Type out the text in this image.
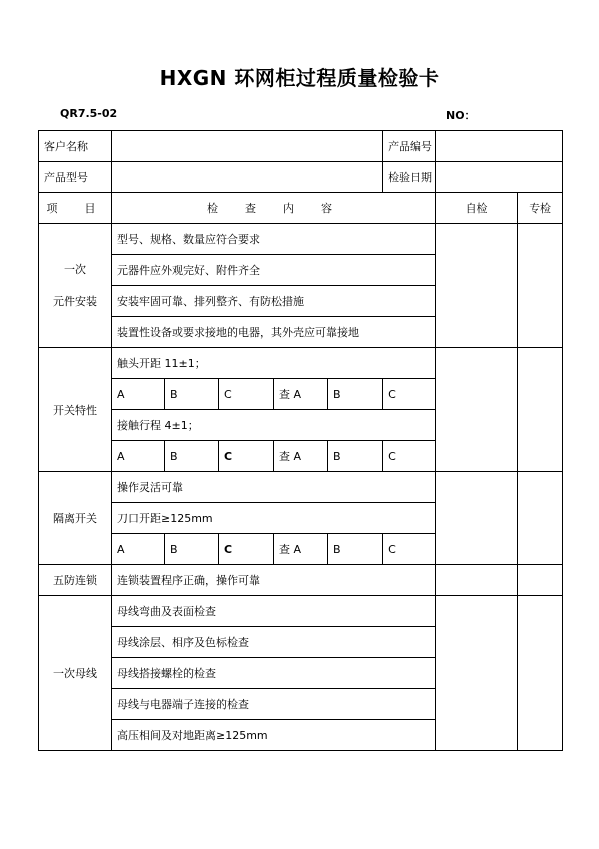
HXGN 环网柜过程质量检验卡
QR7.5-02	NO：
客户名称						产品编号		
产品型号						检验日期		
项　目	检　查　内　容						自检	专检

一次
元件安装	型号、规格、数量应符合要求							
	元器件应外观完好、附件齐全							
	安装牢固可靠、排列整齐、有防松措施							
	装置性设备或要求接地的电器，其外壳应可靠接地							
开关特性	触头开距 11±1；							
	A	B	C	查 A	B	C		
	接触行程 4±1；							
	A	B	C	查 A	B	C		
隔离开关	操作灵活可靠							
	刀口开距≥125mm							
	A	B	C	查 A	B	C		
五防连锁	连锁装置程序正确，操作可靠							
一次母线	母线弯曲及表面检查							
	母线涂层、相序及色标检查							
	母线搭接螺栓的检查							
	母线与电器端子连接的检查							
	高压相间及对地距离≥125mm							
